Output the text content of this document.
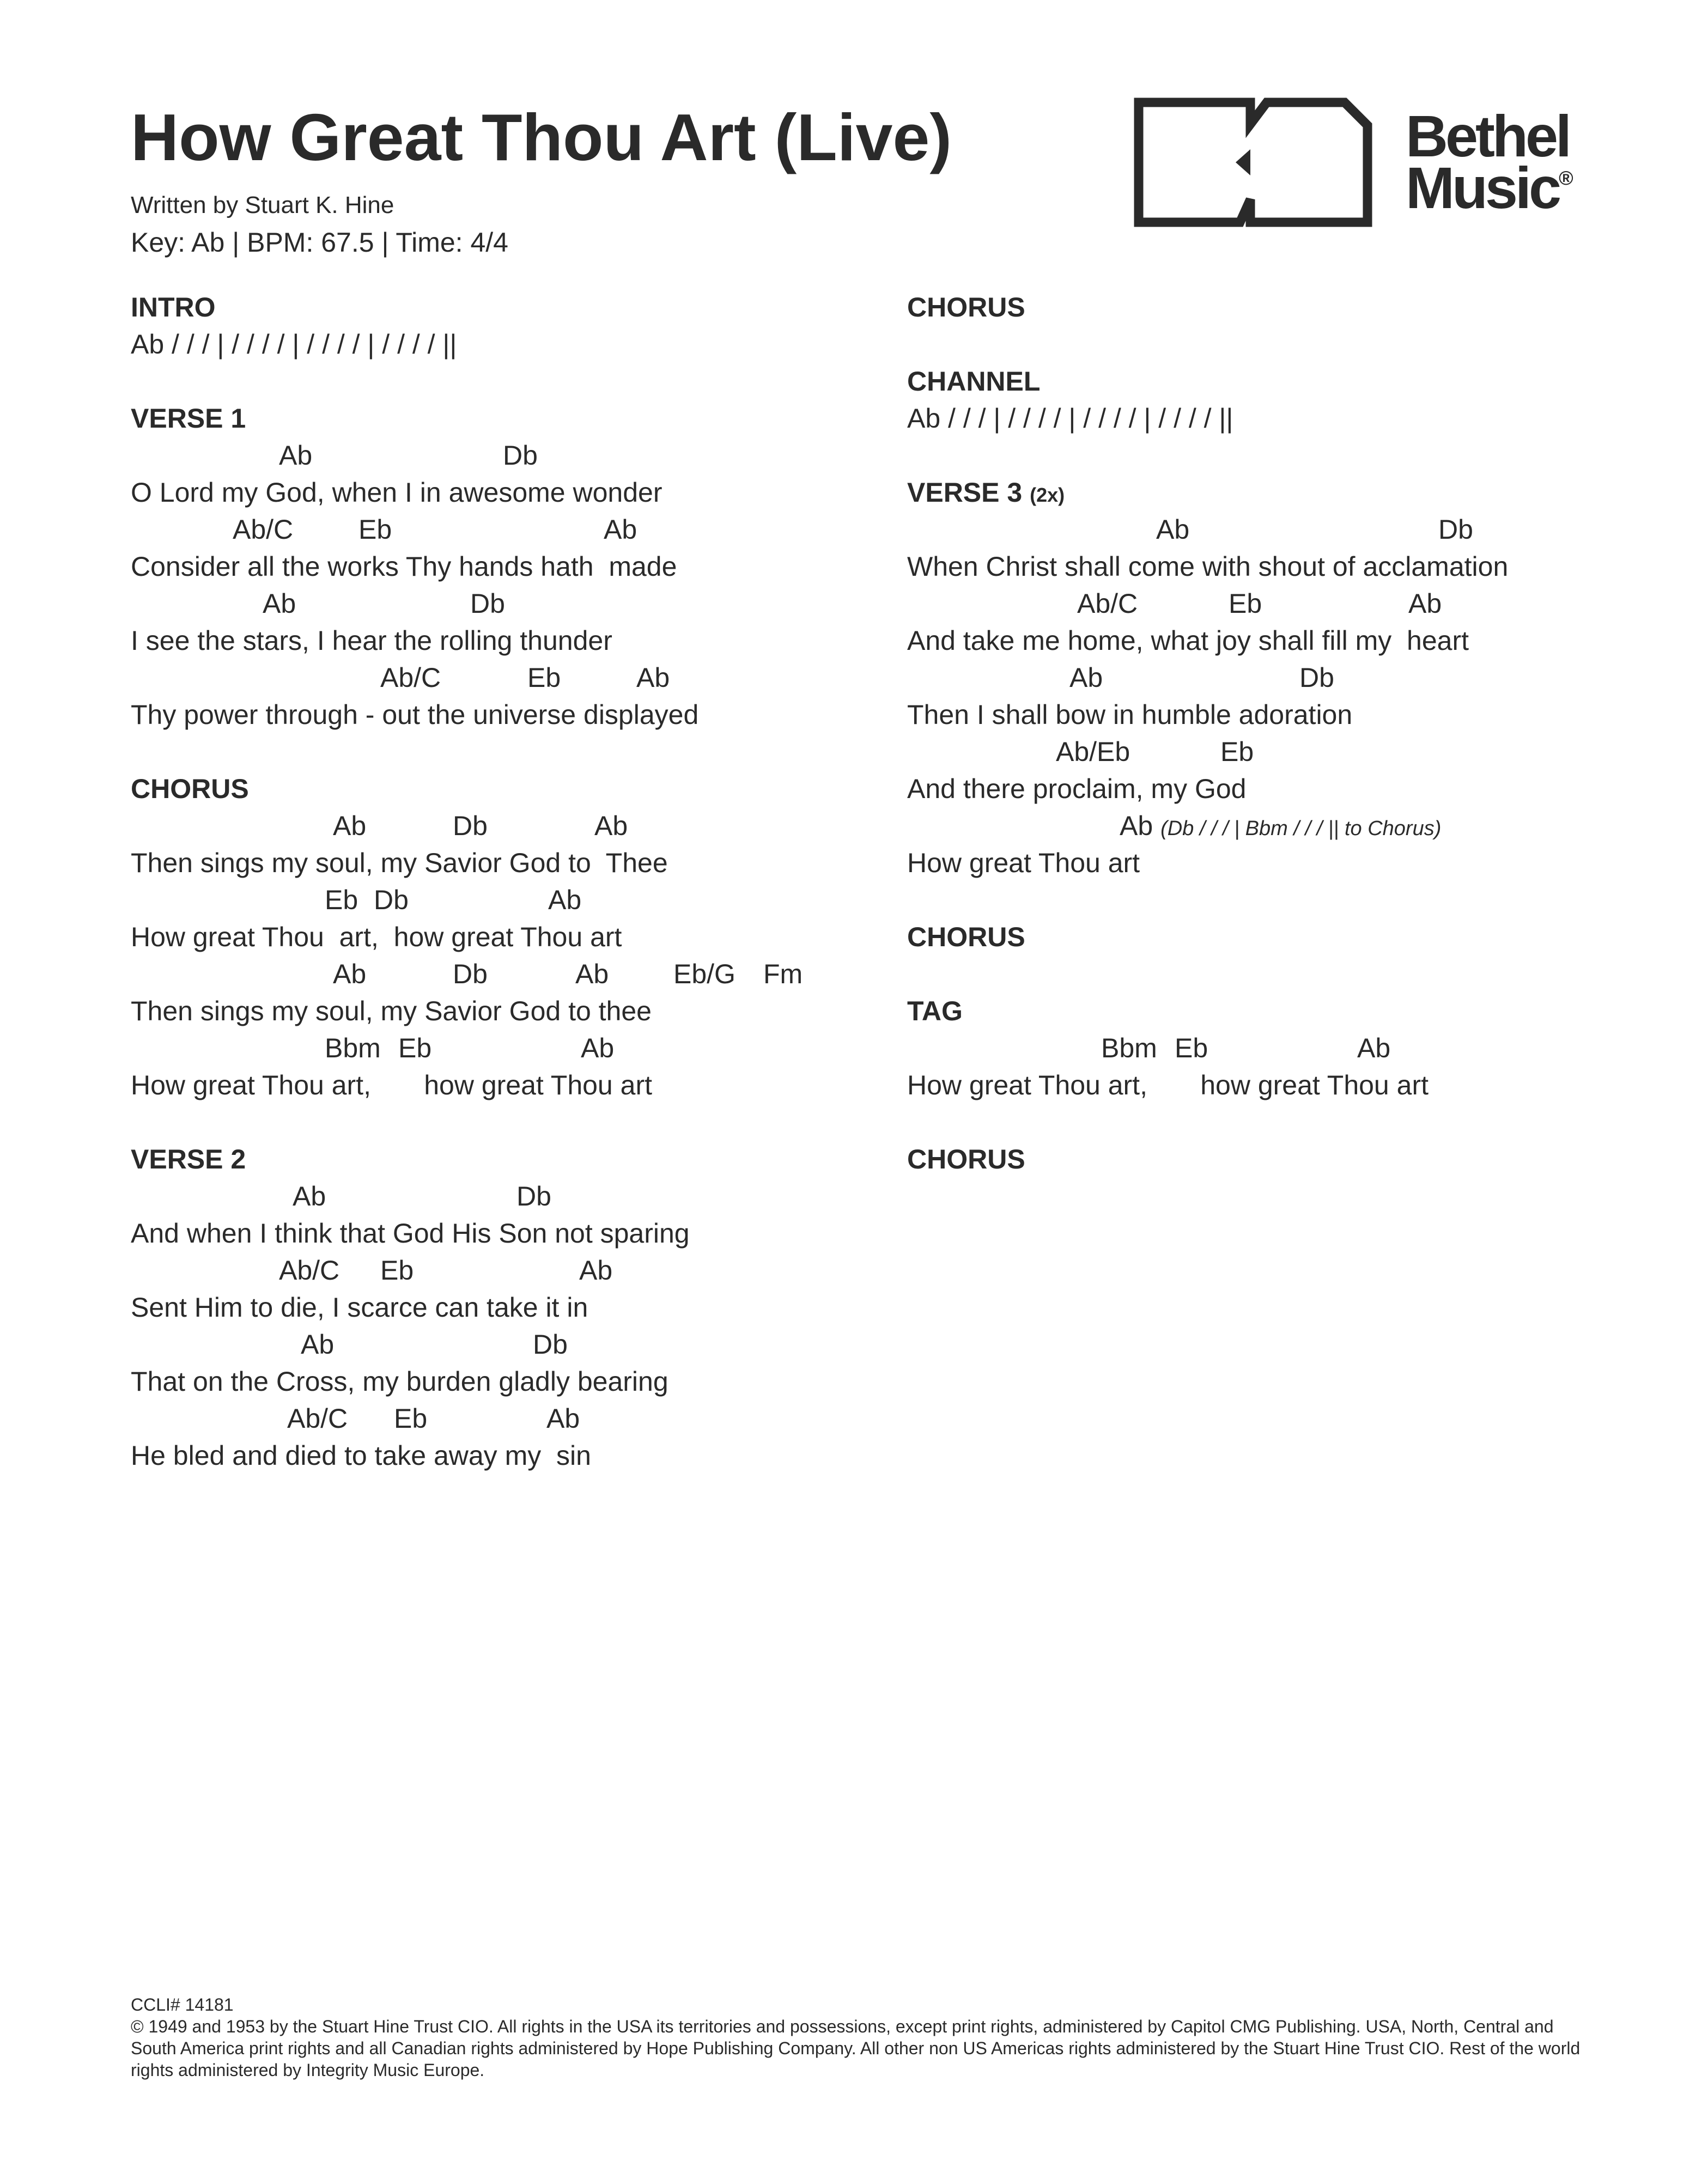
How Great Thou Art (Live)
Written by Stuart K. Hine
Key: Ab | BPM: 67.5 | Time: 4/4
Bethel
Music®
INTRO
Ab / / / | / / / / | / / / / | / / / / ||
VERSE 1
Ab	Db
O Lord my God, when I in awesome wonder
Ab/C Eb	Ab
Consider all the works Thy hands hath  made
Ab	Db
I see the stars, I hear the rolling thunder
Ab/C	Eb	Ab
Thy power through - out the universe displayed
CHORUS
Ab	Db	Ab
Then sings my soul, my Savior God to  Thee
Eb Db	Ab
How great Thou  art,  how great Thou art
Ab	Db	Ab Eb/G Fm
Then sings my soul, my Savior God to thee
Bbm Eb	Ab
How great Thou art,       how great Thou art
VERSE 2
Ab	Db
And when I think that God His Son not sparing
Ab/C Eb	Ab
Sent Him to die, I scarce can take it in
Ab	Db
That on the Cross, my burden gladly bearing
Ab/C Eb	Ab
He bled and died to take away my  sin
CHORUS
CHANNEL
Ab / / / | / / / / | / / / / | / / / / ||
VERSE 3 (2x)
Ab	Db
When Christ shall come with shout of acclamation
Ab/C	Eb	Ab
And take me home, what joy shall fill my  heart
Ab	Db
Then I shall bow in humble adoration
Ab/Eb	Eb
And there proclaim, my God
Ab (Db / / / | Bbm / / / || to Chorus)
How great Thou art
CHORUS
TAG
Bbm Eb	Ab
How great Thou art,       how great Thou art
CHORUS
CCLI# 14181
© 1949 and 1953 by the Stuart Hine Trust CIO. All rights in the USA its territories and possessions, except print rights, administered by Capitol CMG Publishing. USA, North, Central and South America print rights and all Canadian rights administered by Hope Publishing Company. All other non US Americas rights administered by the Stuart Hine Trust CIO. Rest of the world rights administered by Integrity Music Europe.
